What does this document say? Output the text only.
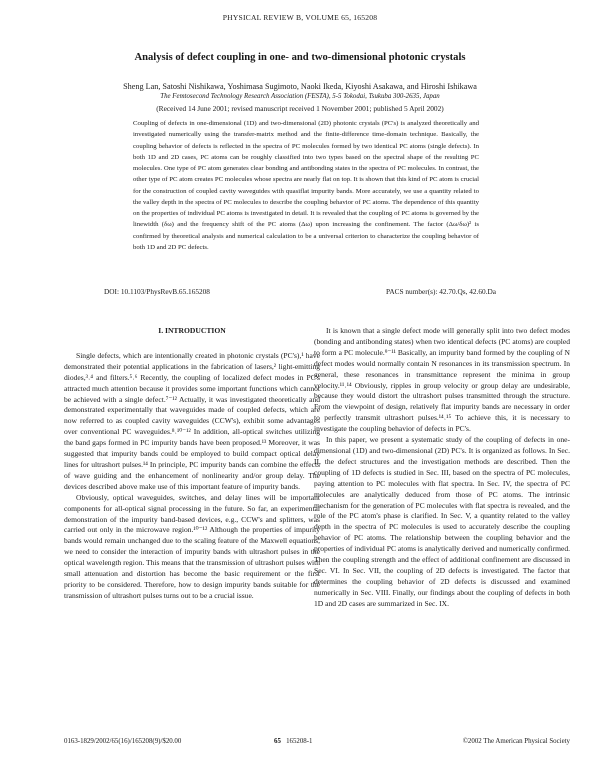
PHYSICAL REVIEW B, VOLUME 65, 165208
Analysis of defect coupling in one- and two-dimensional photonic crystals
Sheng Lan, Satoshi Nishikawa, Yoshimasa Sugimoto, Naoki Ikeda, Kiyoshi Asakawa, and Hiroshi Ishikawa
The Femtosecond Technology Research Association (FESTA), 5-5 Tokodai, Tsukuba 300-2635, Japan
(Received 14 June 2001; revised manuscript received 1 November 2001; published 5 April 2002)

Coupling of defects in one-dimensional (1D) and two-dimensional (2D) photonic crystals (PC's) is analyzed theoretically and investigated numerically using the transfer-matrix method and the finite-difference time-domain technique. Basically, the coupling behavior of defects is reflected in the spectra of PC molecules formed by two identical PC atoms (single defects). In both 1D and 2D cases, PC atoms can be roughly classified into two types based on the spectral shape of the resulting PC molecules. One type of PC atom generates clear bonding and antibonding states in the spectra of PC molecules. In contrast, the other type of PC atom creates PC molecules whose spectra are nearly flat on top. It is shown that this kind of PC atom is crucial for the construction of coupled cavity waveguides with quasiflat impurity bands. More accurately, we use a quantity related to the valley depth in the spectra of PC molecules to describe the coupling behavior of PC atoms. The dependence of this quantity on the properties of individual PC atoms is investigated in detail. It is revealed that the coupling of PC atoms is governed by the linewidth (δω) and the frequency shift of the PC atoms (Δω) upon increasing the confinement. The factor (Δω/δω)² is confirmed by theoretical analysis and numerical calculation to be a universal criterion to characterize the coupling behavior of both 1D and 2D PC defects.

DOI: 10.1103/PhysRevB.65.165208	PACS number(s): 42.70.Qs, 42.60.Da
I. INTRODUCTION

Single defects, which are intentionally created in photonic crystals (PC's),¹ have demonstrated their potential applications in the fabrication of lasers,² light-emitting diodes,³˒⁴ and filters.⁵˒⁶ Recently, the coupling of localized defect modes in PC's attracted much attention because it provides some important functions which cannot be achieved with a single defect.⁷⁻¹² Actually, it was investigated theoretically and demonstrated experimentally that waveguides made of coupled defects, which are now referred to as coupled cavity waveguides (CCW's), exhibit some advantages over conventional PC waveguides.⁸˒¹⁰⁻¹² In addition, all-optical switches utilizing the band gaps formed in PC impurity bands have been proposed.¹³ Moreover, it was suggested that impurity bands could be employed to build compact optical delay lines for ultrashort pulses.¹⁴ In principle, PC impurity bands can combine the effects of wave guiding and the enhancement of nonlinearity and/or group delay. The devices described above make use of this important feature of impurity bands.

Obviously, optical waveguides, switches, and delay lines will be important components for all-optical signal processing in the future. So far, an experimental demonstration of the impurity band-based devices, e.g., CCW's and splitters, was carried out only in the microwave region.¹⁰⁻¹² Although the properties of impurity bands would remain unchanged due to the scaling feature of the Maxwell equations, we need to consider the interaction of impurity bands with ultrashort pulses in the optical wavelength region. This means that the transmission of ultrashort pulses with small attenuation and distortion has become the basic requirement or the first priority to be considered. Therefore, how to design impurity bands suitable for the transmission of ultrashort pulses turns out to be a crucial issue.

It is known that a single defect mode will generally split into two defect modes (bonding and antibonding states) when two identical defects (PC atoms) are coupled to form a PC molecule.⁹⁻¹¹ Basically, an impurity band formed by the coupling of N defect modes would normally contain N resonances in its transmission spectrum. In general, these resonances in transmittance represent the minima in group velocity.¹¹˒¹⁴ Obviously, ripples in group velocity or group delay are undesirable, because they would distort the ultrashort pulses transmitted through the structure. From the viewpoint of design, relatively flat impurity bands are necessary in order to perfectly transmit ultrashort pulses.¹⁴˒¹⁵ To achieve this, it is necessary to investigate the coupling behavior of defects in PC's.

In this paper, we present a systematic study of the coupling of defects in one-dimensional (1D) and two-dimensional (2D) PC's. It is organized as follows. In Sec. II, the defect structures and the investigation methods are described. Then the coupling of 1D defects is studied in Sec. III, based on the spectra of PC molecules, paying attention to PC molecules with flat spectra. In Sec. IV, the spectra of PC molecules are analytically deduced from those of PC atoms. The intrinsic mechanism for the generation of PC molecules with flat spectra is revealed, and the role of the PC atom's phase is clarified. In Sec. V, a quantity related to the valley depth in the spectra of PC molecules is used to accurately describe the coupling behavior of PC atoms. The relationship between the coupling behavior and the properties of individual PC atoms is analytically derived and numerically confirmed. Then the coupling strength and the effect of additional confinement are discussed in Sec. VI. In Sec. VII, the coupling of 2D defects is investigated. The factor that determines the coupling behavior of 2D defects is discussed and examined numerically in Sec. VIII. Finally, our findings about the coupling of defects in both 1D and 2D cases are summarized in Sec. IX.

0163-1829/2002/65(16)/165208(9)/$20.00	65 165208-1	©2002 The American Physical Society
